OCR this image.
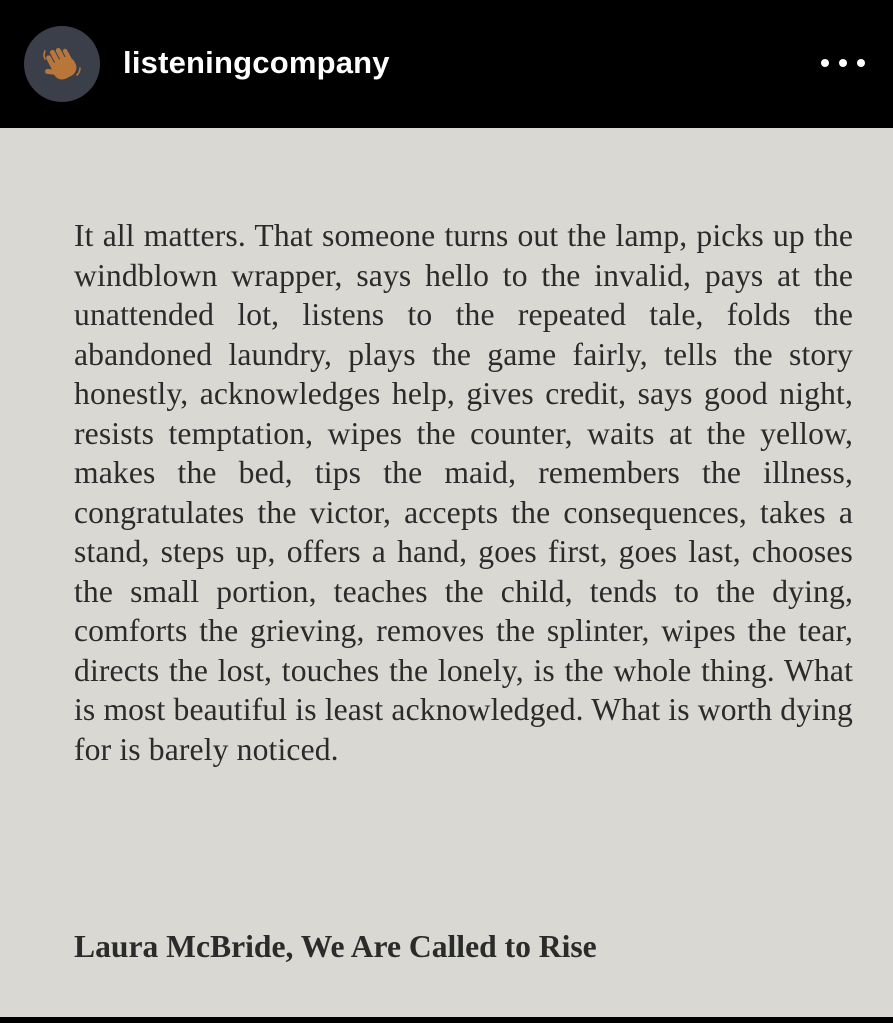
listeningcompany

It all matters. That someone turns out the lamp, picks up the windblown wrapper, says hello to the invalid, pays at the unattended lot, listens to the repeated tale, folds the abandoned laundry, plays the game fairly, tells the story honestly, acknowledges help, gives credit, says good night, resists temptation, wipes the counter, waits at the yellow, makes the bed, tips the maid, remembers the illness, congratulates the victor, accepts the consequences, takes a stand, steps up, offers a hand, goes first, goes last, chooses the small portion, teaches the child, tends to the dying, comforts the grieving, removes the splinter, wipes the tear, directs the lost, touches the lonely, is the whole thing. What is most beautiful is least acknowledged. What is worth dying for is barely noticed.

Laura McBride, We Are Called to Rise
